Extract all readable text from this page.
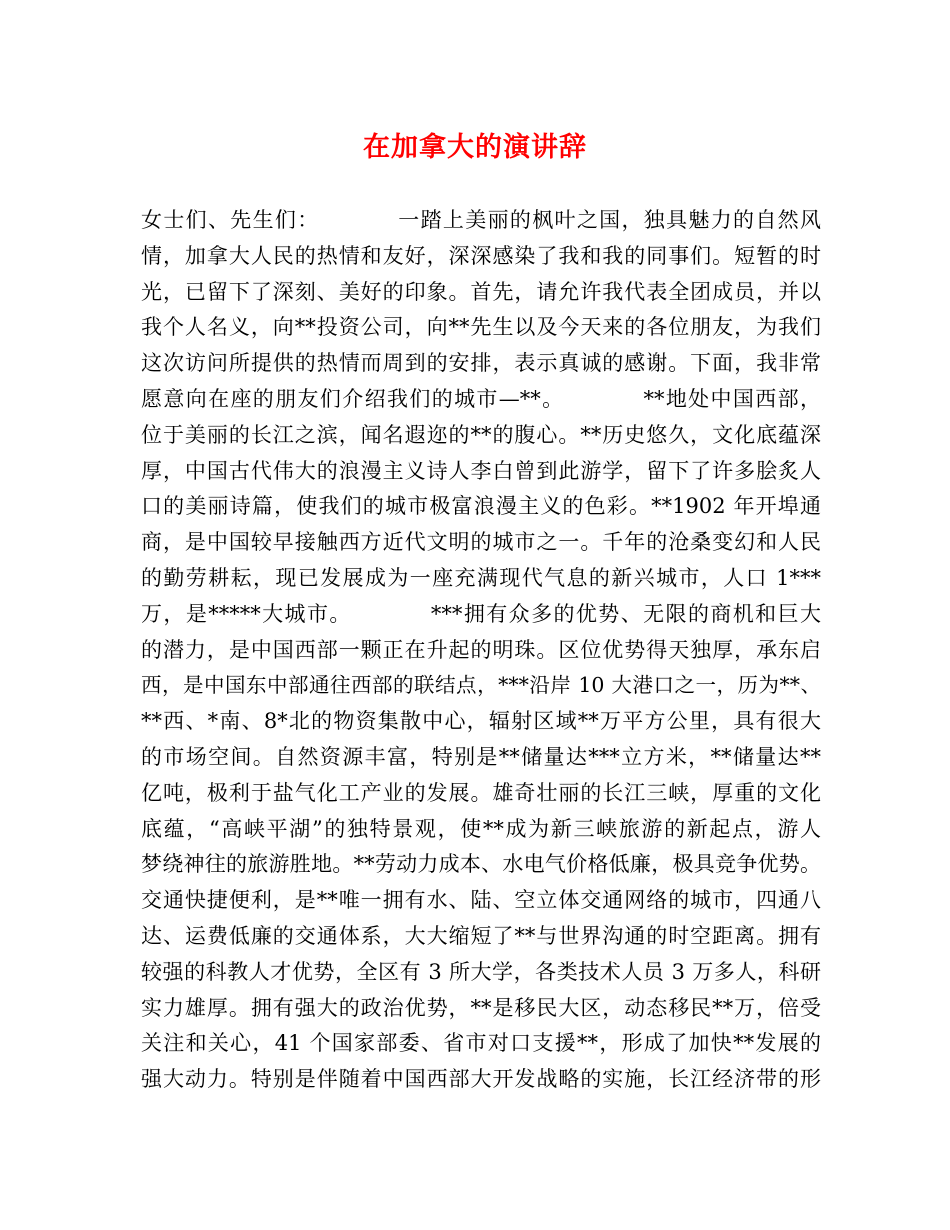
在加拿大的演讲辞
女士们、先生们：　　　　一踏上美丽的枫叶之国，独具魅力的自然风
情，加拿大人民的热情和友好，深深感染了我和我的同事们。短暂的时
光，已留下了深刻、美好的印象。首先，请允许我代表全团成员，并以
我个人名义，向**投资公司，向**先生以及今天来的各位朋友，为我们
这次访问所提供的热情而周到的安排，表示真诚的感谢。下面，我非常
愿意向在座的朋友们介绍我们的城市—**。　　　　**地处中国西部，
位于美丽的长江之滨，闻名遐迩的**的腹心。**历史悠久，文化底蕴深
厚，中国古代伟大的浪漫主义诗人李白曾到此游学，留下了许多脍炙人
口的美丽诗篇，使我们的城市极富浪漫主义的色彩。**1902 年开埠通
商，是中国较早接触西方近代文明的城市之一。千年的沧桑变幻和人民
的勤劳耕耘，现已发展成为一座充满现代气息的新兴城市，人口 1***
万，是*****大城市。　　　　***拥有众多的优势、无限的商机和巨大
的潜力，是中国西部一颗正在升起的明珠。区位优势得天独厚，承东启
西，是中国东中部通往西部的联结点，***沿岸 10 大港口之一，历为**、
**西、*南、8*北的物资集散中心，辐射区域**万平方公里，具有很大
的市场空间。自然资源丰富，特别是**储量达***立方米，**储量达**
亿吨，极利于盐气化工产业的发展。雄奇壮丽的长江三峡，厚重的文化
底蕴，“高峡平湖”的独特景观，使**成为新三峡旅游的新起点，游人
梦绕神往的旅游胜地。**劳动力成本、水电气价格低廉，极具竞争优势。
交通快捷便利，是**唯一拥有水、陆、空立体交通网络的城市，四通八
达、运费低廉的交通体系，大大缩短了**与世界沟通的时空距离。拥有
较强的科教人才优势，全区有 3 所大学，各类技术人员 3 万多人，科研
实力雄厚。拥有强大的政治优势，**是移民大区，动态移民**万，倍受
关注和关心，41 个国家部委、省市对口支援**，形成了加快**发展的
强大动力。特别是伴随着中国西部大开发战略的实施，长江经济带的形
